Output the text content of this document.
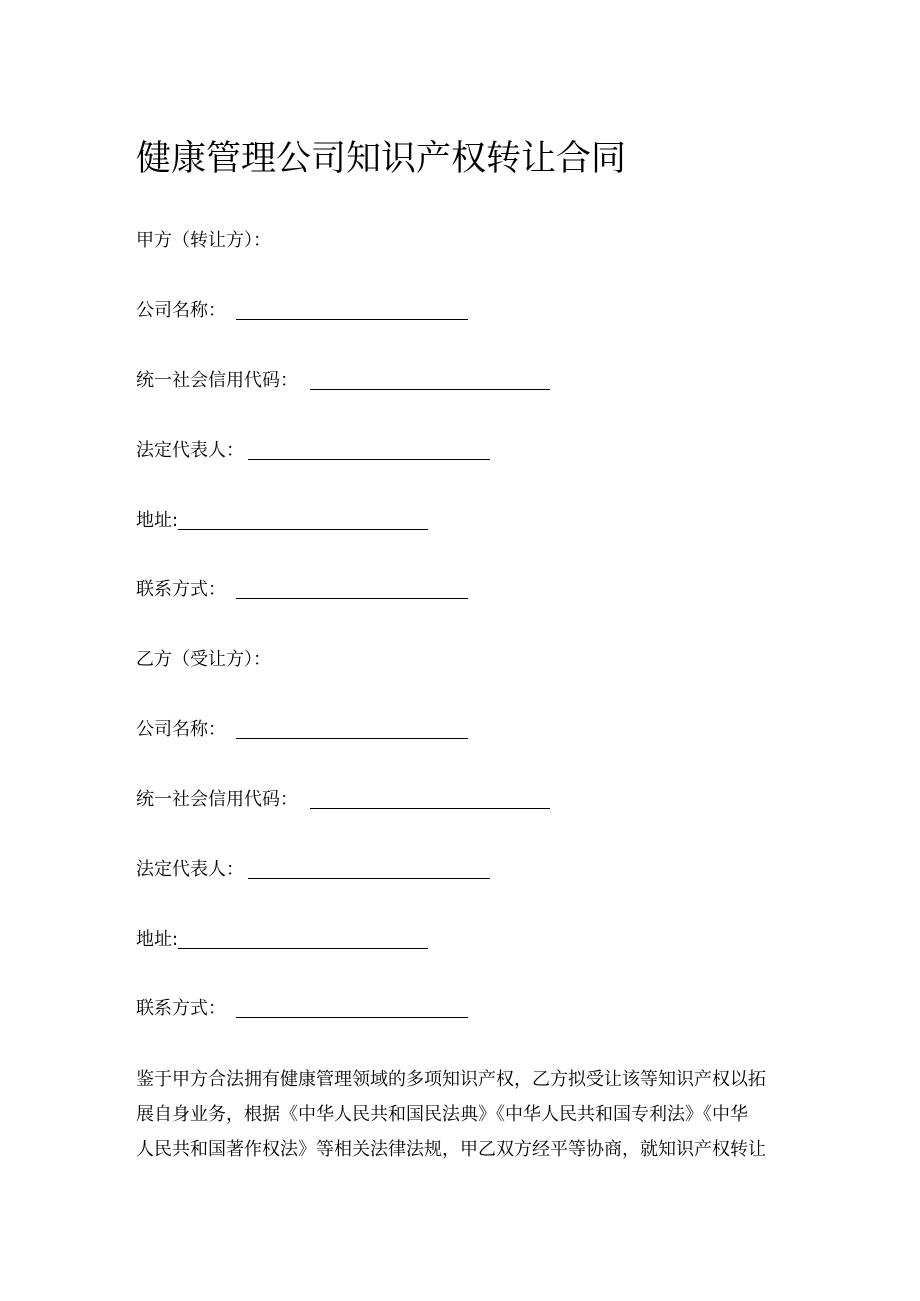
健康管理公司知识产权转让合同
甲方（转让方）：
公司名称：
统一社会信用代码：
法定代表人：
地址:
联系方式：
乙方（受让方）：
公司名称：
统一社会信用代码：
法定代表人：
地址:
联系方式：
鉴于甲方合法拥有健康管理领域的多项知识产权，乙方拟受让该等知识产权以拓
展自身业务，根据《中华人民共和国民法典》《中华人民共和国专利法》《中华
人民共和国著作权法》等相关法律法规，甲乙双方经平等协商，就知识产权转让
